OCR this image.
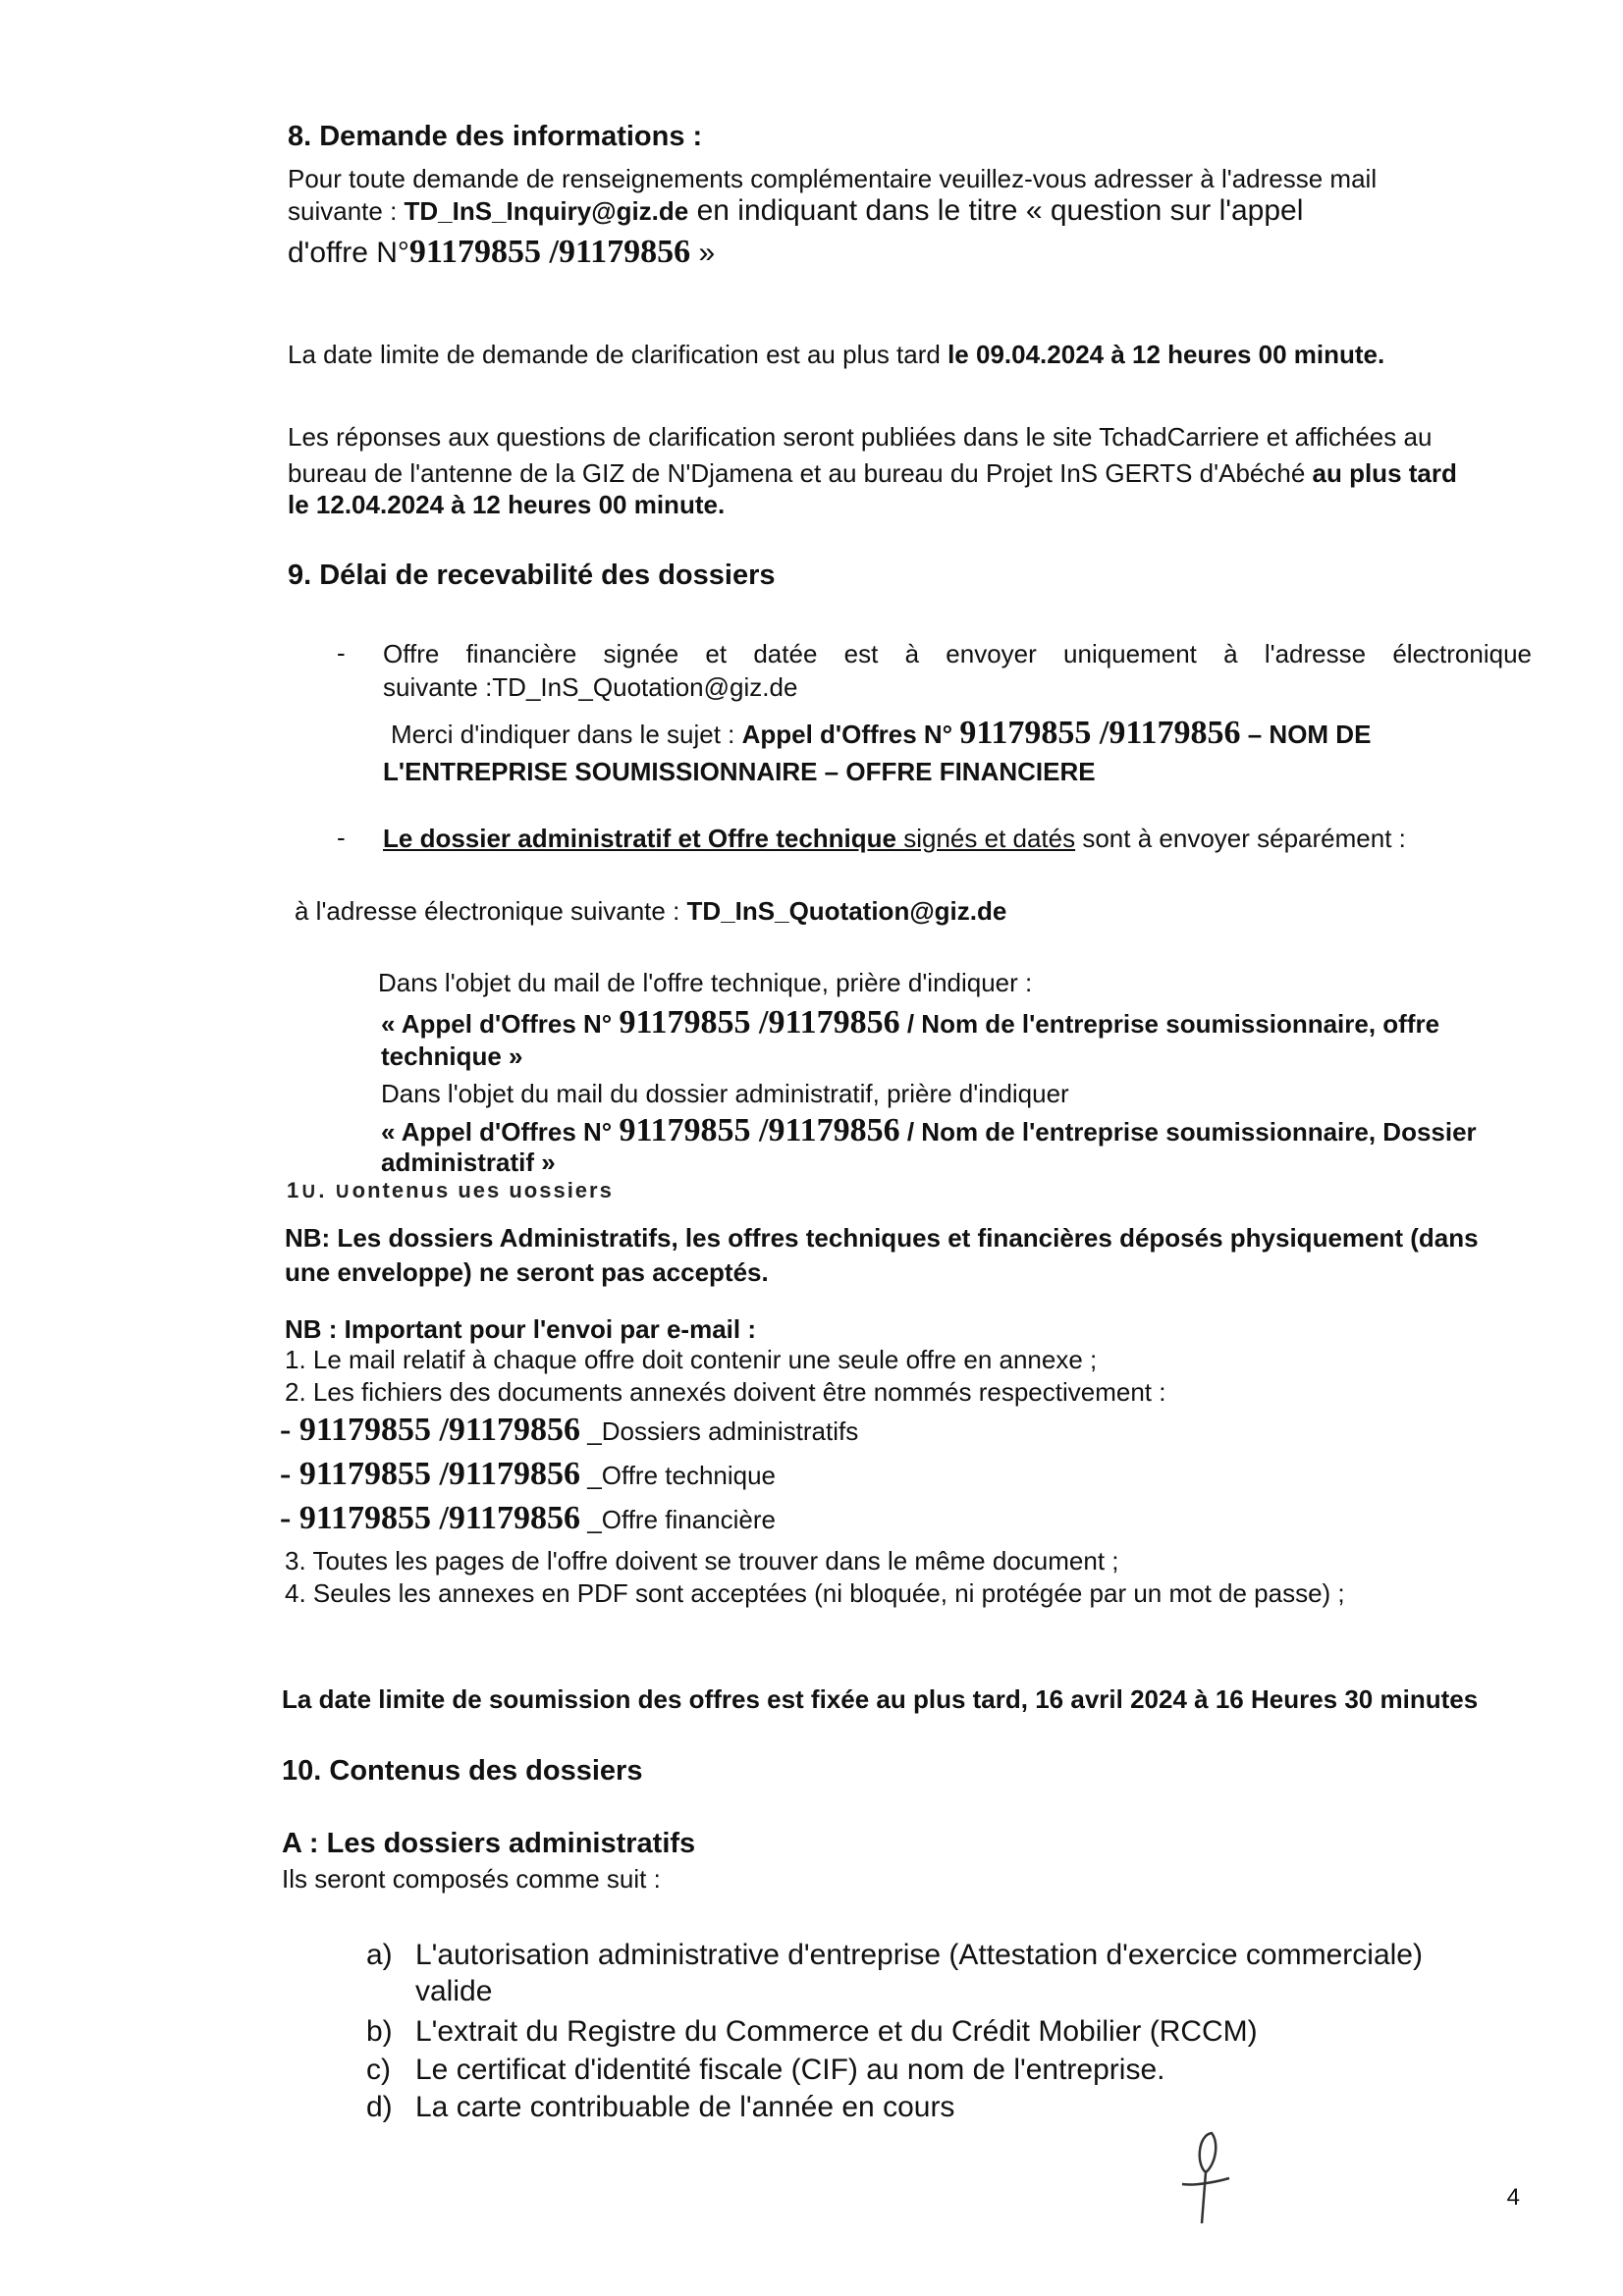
8. Demande des informations :
Pour toute demande de renseignements complémentaire veuillez-vous adresser à l'adresse mail
suivante : TD_InS_Inquiry@giz.de en indiquant dans le titre « question sur l'appel
d'offre N°91179855 /91179856 »
La date limite de demande de clarification est au plus tard le 09.04.2024 à 12 heures 00 minute.
Les réponses aux questions de clarification seront publiées dans le site TchadCarriere et affichées au
bureau de l'antenne de la GIZ de N'Djamena et au bureau du Projet InS GERTS d'Abéché au plus tard
le 12.04.2024 à 12 heures 00 minute.
9. Délai de recevabilité des dossiers
- Offre financière signée et datée est à envoyer uniquement à l'adresse électronique
suivante :TD_InS_Quotation@giz.de
Merci d'indiquer dans le sujet : Appel d'Offres N° 91179855 /91179856 – NOM DE
L'ENTREPRISE SOUMISSIONNAIRE – OFFRE FINANCIERE
- Le dossier administratif et Offre technique signés et datés sont à envoyer séparément :
à l'adresse électronique suivante : TD_InS_Quotation@giz.de
Dans l'objet du mail de l'offre technique, prière d'indiquer :
« Appel d'Offres N° 91179855 /91179856 / Nom de l'entreprise soumissionnaire, offre
technique »
Dans l'objet du mail du dossier administratif, prière d'indiquer
« Appel d'Offres N° 91179855 /91179856 / Nom de l'entreprise soumissionnaire, Dossier
administratif »
1∪. ∪ontenus ues uossiers
NB: Les dossiers Administratifs, les offres techniques et financières déposés physiquement (dans
une enveloppe) ne seront pas acceptés.
NB : Important pour l'envoi par e-mail :
1. Le mail relatif à chaque offre doit contenir une seule offre en annexe ;
2. Les fichiers des documents annexés doivent être nommés respectivement :
- 91179855 /91179856 _Dossiers administratifs
- 91179855 /91179856 _Offre technique
- 91179855 /91179856 _Offre financière
3. Toutes les pages de l'offre doivent se trouver dans le même document ;
4. Seules les annexes en PDF sont acceptées (ni bloquée, ni protégée par un mot de passe) ;
La date limite de soumission des offres est fixée au plus tard, 16 avril 2024 à 16 Heures 30 minutes
10. Contenus des dossiers
A : Les dossiers administratifs
Ils seront composés comme suit :
a) L'autorisation administrative d'entreprise (Attestation d'exercice commerciale)
valide
b) L'extrait du Registre du Commerce et du Crédit Mobilier (RCCM)
c) Le certificat d'identité fiscale (CIF) au nom de l'entreprise.
d) La carte contribuable de l'année en cours
4
